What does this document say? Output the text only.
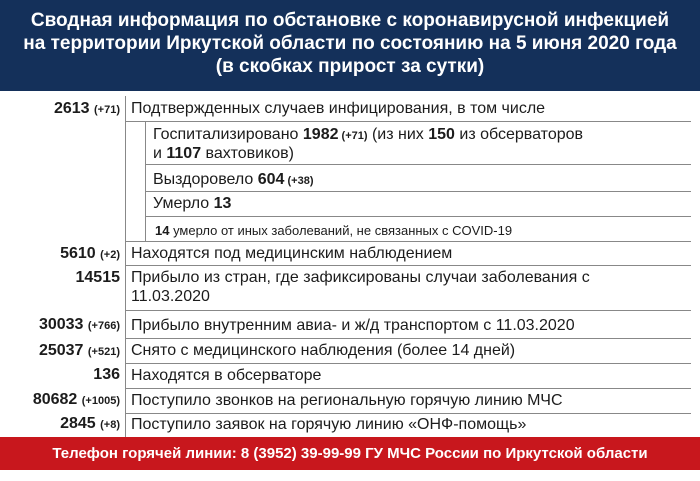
Сводная информация по обстановке с коронавирусной инфекцией
на территории Иркутской области по состоянию на 5 июня 2020 года
(в скобках прирост за сутки)
2613 (+71) Подтвержденных случаев инфицирования, в том числе
Госпитализировано 1982 (+71) (из них 150 из обсерваторов
и 1107 вахтовиков)
Выздоровело 604 (+38)
Умерло 13
14 умерло от иных заболеваний, не связанных с COVID-19
5610 (+2) Находятся под медицинским наблюдением
14515 Прибыло из стран, где зафиксированы случаи заболевания с
11.03.2020
30033 (+766) Прибыло внутренним авиа- и ж/д транспортом с 11.03.2020
25037 (+521) Снято с медицинского наблюдения (более 14 дней)
136 Находятся в обсерваторе
80682 (+1005) Поступило звонков на региональную горячую линию МЧС
2845 (+8) Поступило заявок на горячую линию «ОНФ-помощь»
Телефон горячей линии: 8 (3952) 39-99-99 ГУ МЧС России по Иркутской области
